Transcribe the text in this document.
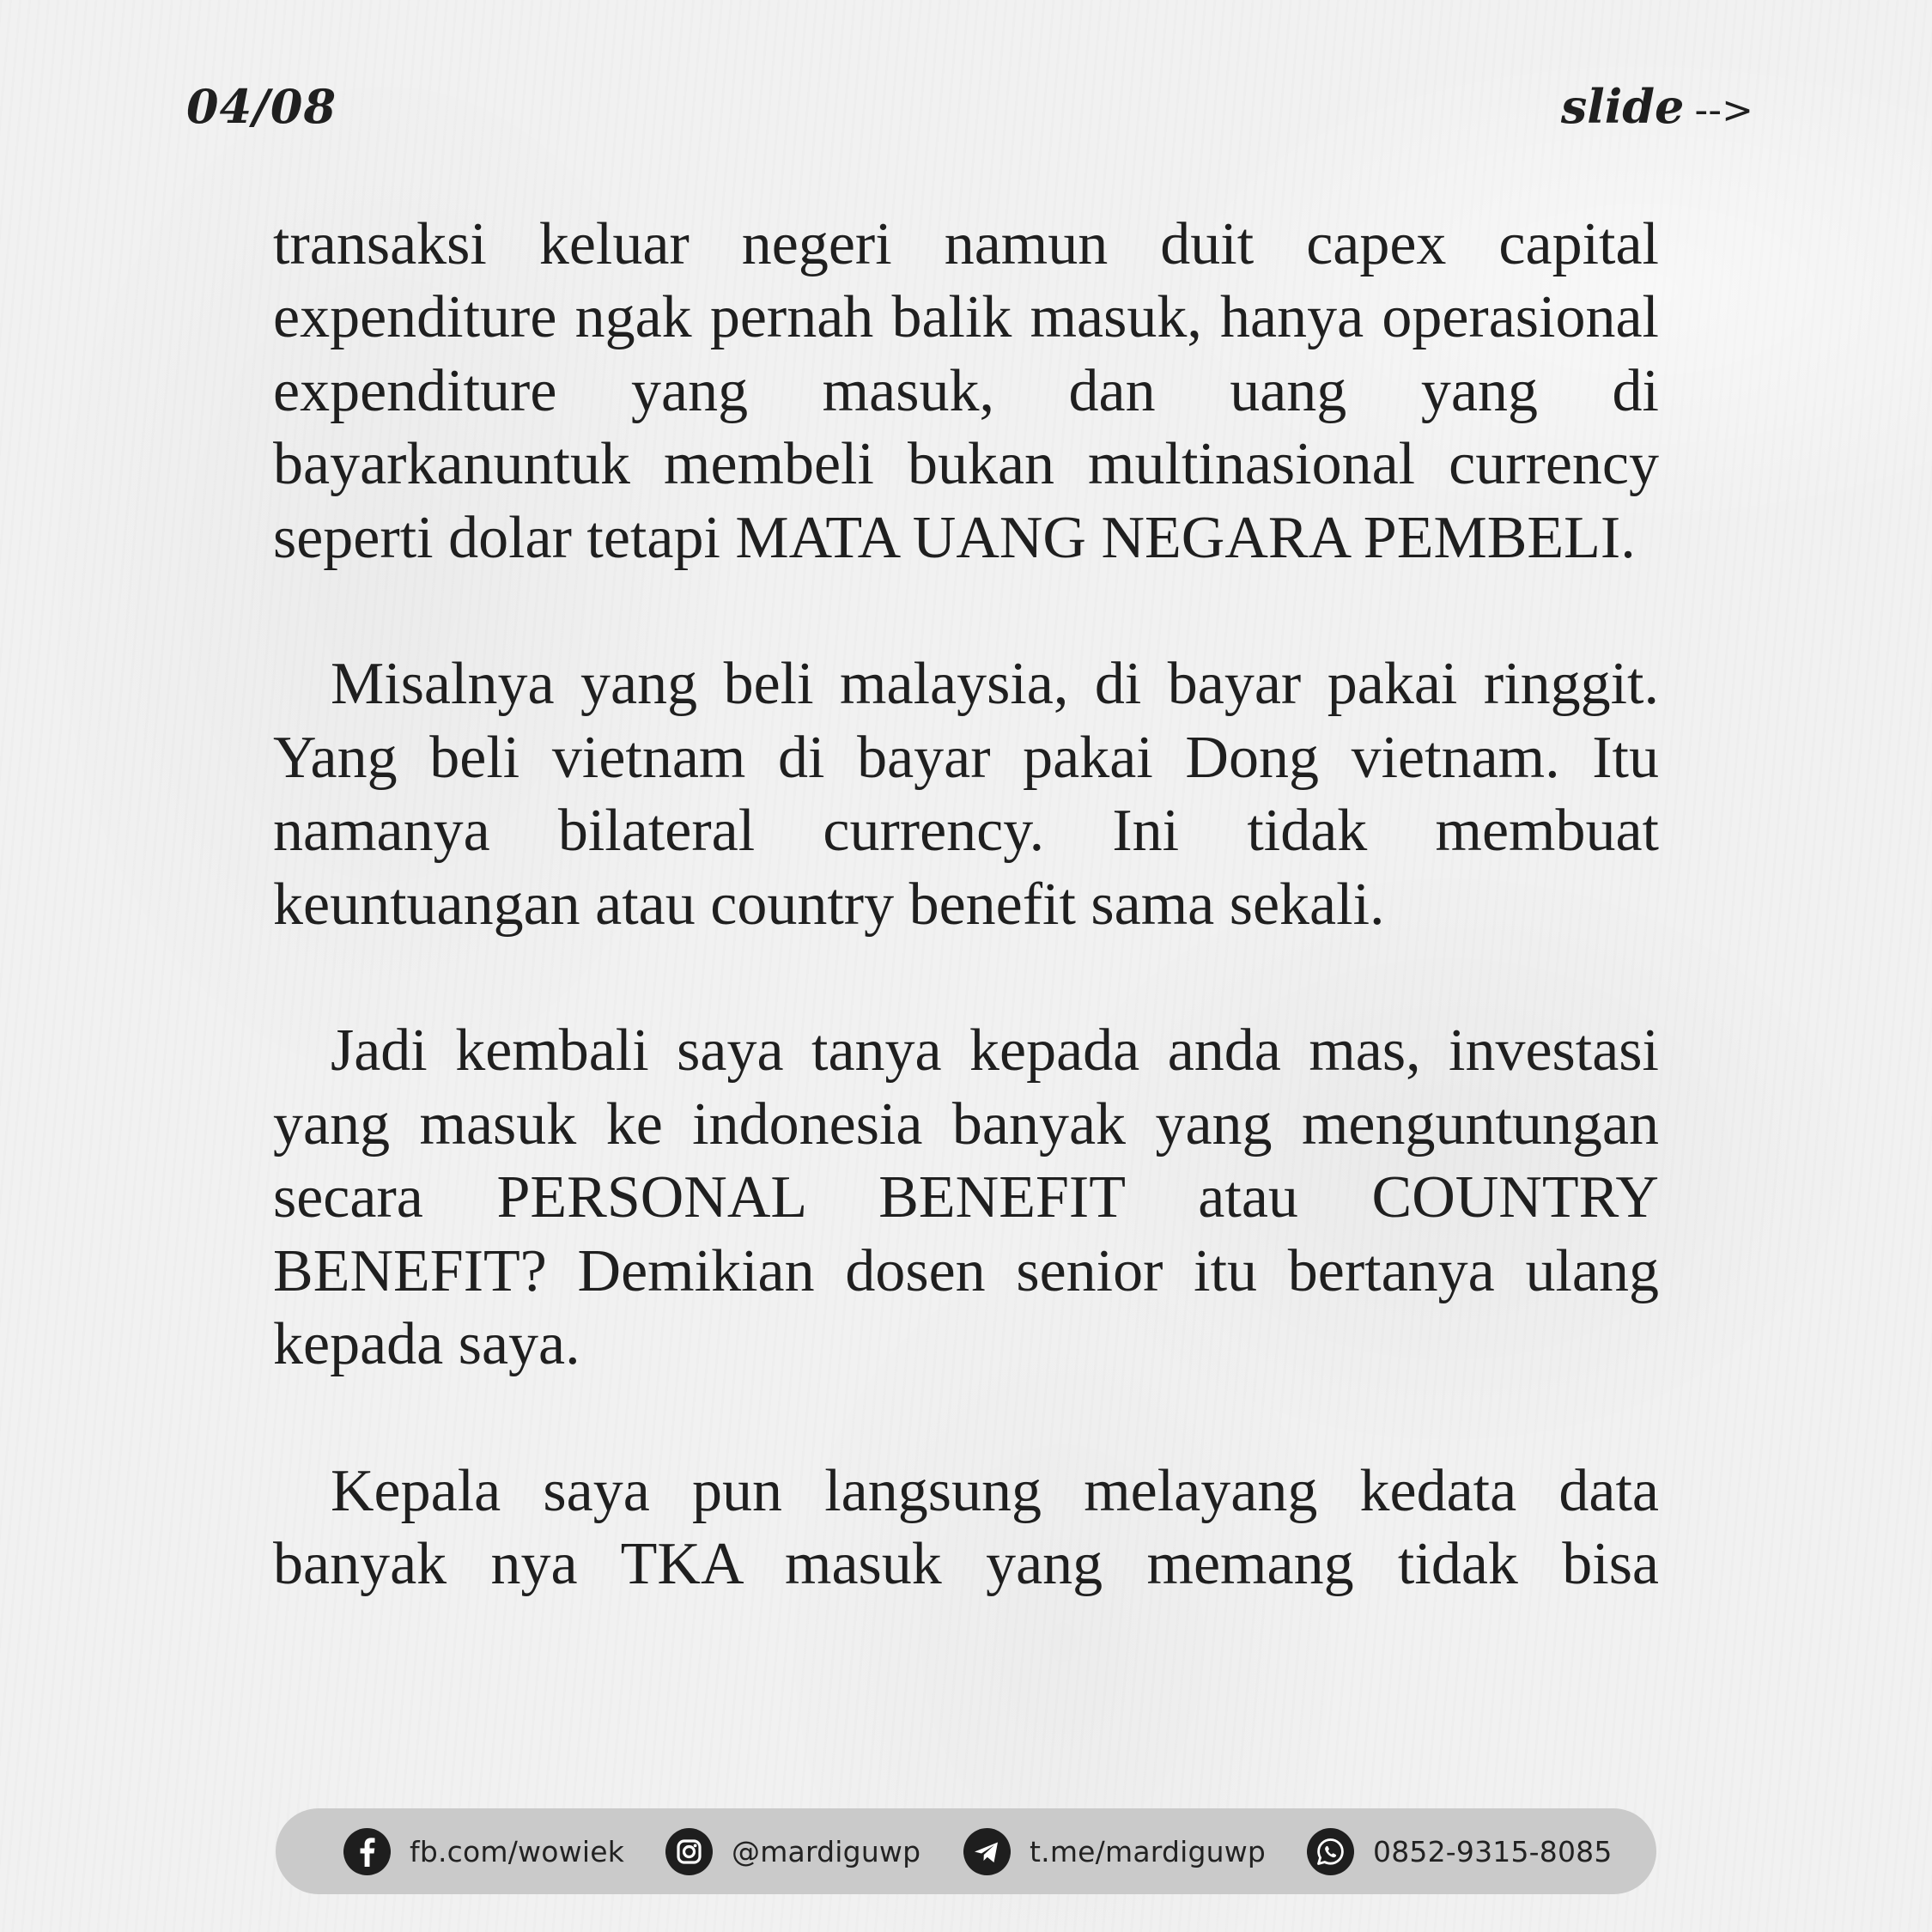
04/08	slide -->

transaksi keluar negeri namun duit capex capital expenditure ngak pernah balik masuk, hanya operasional expenditure yang masuk, dan uang yang di bayarkanuntuk membeli bukan multinasional currency seperti dolar tetapi MATA UANG NEGARA PEMBELI.

Misalnya yang beli malaysia, di bayar pakai ringgit. Yang beli vietnam di bayar pakai Dong vietnam. Itu namanya bilateral currency. Ini tidak membuat keuntuangan atau country benefit sama sekali.

Jadi kembali saya tanya kepada anda mas, investasi yang masuk ke indonesia banyak yang menguntungan secara PERSONAL BENEFIT atau COUNTRY BENEFIT? Demikian dosen senior itu bertanya ulang kepada saya.

Kepala saya pun langsung melayang kedata data banyak nya TKA masuk yang memang tidak bisa

fb.com/wowiek	@mardiguwp	t.me/mardiguwp	0852-9315-8085
